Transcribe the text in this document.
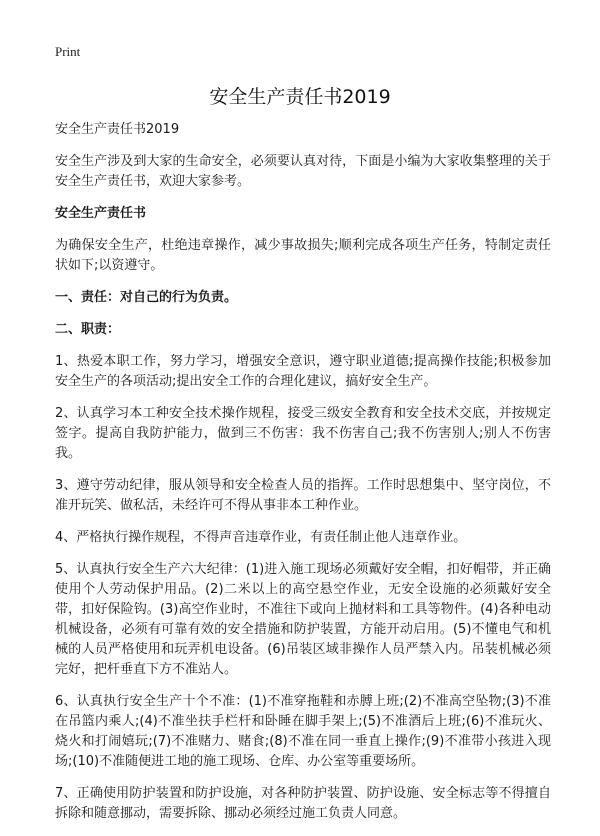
Print
安全生产责任书2019

安全生产责任书2019

安全生产涉及到大家的生命安全，必须要认真对待，下面是小编为大家收集整理的关于安全生产责任书，欢迎大家参考。

安全生产责任书

为确保安全生产，杜绝违章操作，减少事故损失;顺利完成各项生产任务，特制定责任状如下;以资遵守。

一、责任：对自己的行为负责。

二、职责：

1、热爱本职工作，努力学习，增强安全意识，遵守职业道德;提高操作技能;积极参加安全生产的各项活动;提出安全工作的合理化建议，搞好安全生产。

2、认真学习本工种安全技术操作规程，接受三级安全教育和安全技术交底，并按规定签字。提高自我防护能力，做到三不伤害：我不伤害自己;我不伤害别人;别人不伤害我。

3、遵守劳动纪律，服从领导和安全检查人员的指挥。工作时思想集中、坚守岗位，不准开玩笑、做私活，未经许可不得从事非本工种作业。

4、严格执行操作规程，不得声音违章作业，有责任制止他人违章作业。

5、认真执行安全生产六大纪律：(1)进入施工现场必须戴好安全帽，扣好帽带，并正确使用个人劳动保护用品。(2)二米以上的高空悬空作业，无安全设施的必须戴好安全带，扣好保险钩。(3)高空作业时，不准往下或向上抛材料和工具等物件。(4)各种电动机械设备，必须有可靠有效的安全措施和防护装置，方能开动启用。(5)不懂电气和机械的人员严格使用和玩弄机电设备。(6)吊装区域非操作人员严禁入内。吊装机械必须完好，把杆垂直下方不准站人。

6、认真执行安全生产十个不准：(1)不准穿拖鞋和赤膊上班;(2)不准高空坠物;(3)不准在吊篮内乘人;(4)不准坐扶手栏杆和卧睡在脚手架上;(5)不准酒后上班;(6)不准玩火、烧火和打闹嬉玩;(7)不准赌力、赌食;(8)不准在同一垂直上操作;(9)不准带小孩进入现场;(10)不准随便进工地的施工现场、仓库、办公室等重要场所。

7、正确使用防护装置和防护设施，对各种防护装置、防护设施、安全标志等不得擅自拆除和随意挪动，需要拆除、挪动必须经过施工负责人同意。
